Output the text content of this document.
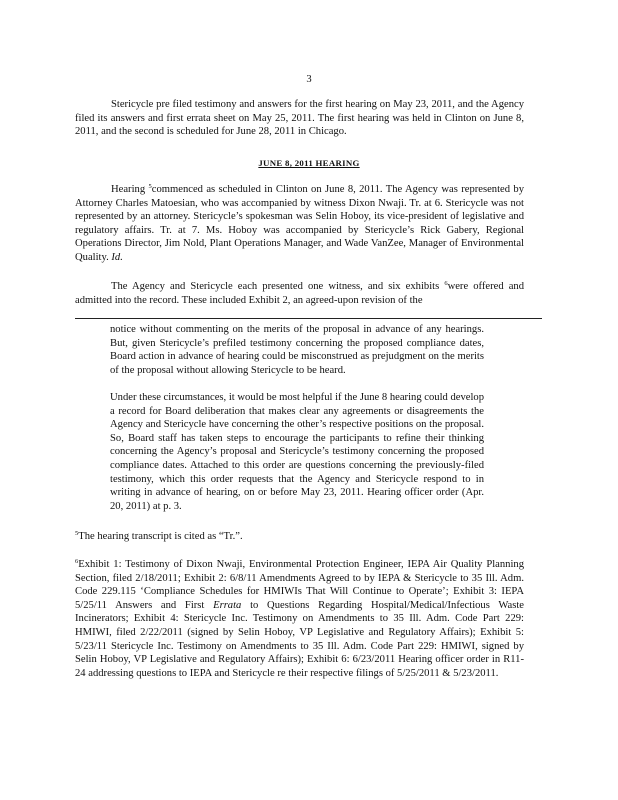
3

Stericycle pre filed testimony and answers for the first hearing on May 23, 2011, and the Agency filed its answers and first errata sheet on May 25, 2011. The first hearing was held in Clinton on June 8, 2011, and the second is scheduled for June 28, 2011 in Chicago.

JUNE 8, 2011 HEARING

Hearing $^5$commenced as scheduled in Clinton on June 8, 2011. The Agency was represented by Attorney Charles Matoesian, who was accompanied by witness Dixon Nwaji. Tr. at 6. Stericycle was not represented by an attorney. Stericycle’s spokesman was Selin Hoboy, its vice-president of legislative and regulatory affairs. Tr. at 7. Ms. Hoboy was accompanied by Stericycle’s Rick Gabery, Regional Operations Director, Jim Nold, Plant Operations Manager, and Wade VanZee, Manager of Environmental Quality. Id.

The Agency and Stericycle each presented one witness, and six exhibits $^6$were offered and admitted into the record. These included Exhibit 2, an agreed-upon revision of the

notice without commenting on the merits of the proposal in advance of any hearings. But, given Stericycle’s prefiled testimony concerning the proposed compliance dates, Board action in advance of hearing could be misconstrued as prejudgment on the merits of the proposal without allowing Stericycle to be heard.

Under these circumstances, it would be most helpful if the June 8 hearing could develop a record for Board deliberation that makes clear any agreements or disagreements the Agency and Stericycle have concerning the other’s respective positions on the proposal. So, Board staff has taken steps to encourage the participants to refine their thinking concerning the Agency’s proposal and Stericycle’s testimony concerning the proposed compliance dates. Attached to this order are questions concerning the previously-filed testimony, which this order requests that the Agency and Stericycle respond to in writing in advance of hearing, on or before May 23, 2011. Hearing officer order (Apr. 20, 2011) at p. 3.

$^5$The hearing transcript is cited as “Tr.”.

$^6$Exhibit 1: Testimony of Dixon Nwaji, Environmental Protection Engineer, IEPA Air Quality Planning Section, filed 2/18/2011; Exhibit 2: 6/8/11 Amendments Agreed to by IEPA & Stericycle to 35 Ill. Adm. Code 229.115 ‘Compliance Schedules for HMIWIs That Will Continue to Operate’; Exhibit 3: IEPA 5/25/11 Answers and First Errata to Questions Regarding Hospital/Medical/Infectious Waste Incinerators; Exhibit 4: Stericycle Inc. Testimony on Amendments to 35 Ill. Adm. Code Part 229: HMIWI, filed 2/22/2011 (signed by Selin Hoboy, VP Legislative and Regulatory Affairs); Exhibit 5: 5/23/11 Stericycle Inc. Testimony on Amendments to 35 Ill. Adm. Code Part 229: HMIWI, signed by Selin Hoboy, VP Legislative and Regulatory Affairs); Exhibit 6: 6/23/2011 Hearing officer order in R11-24 addressing questions to IEPA and Stericycle re their respective filings of 5/25/2011 & 5/23/2011.
